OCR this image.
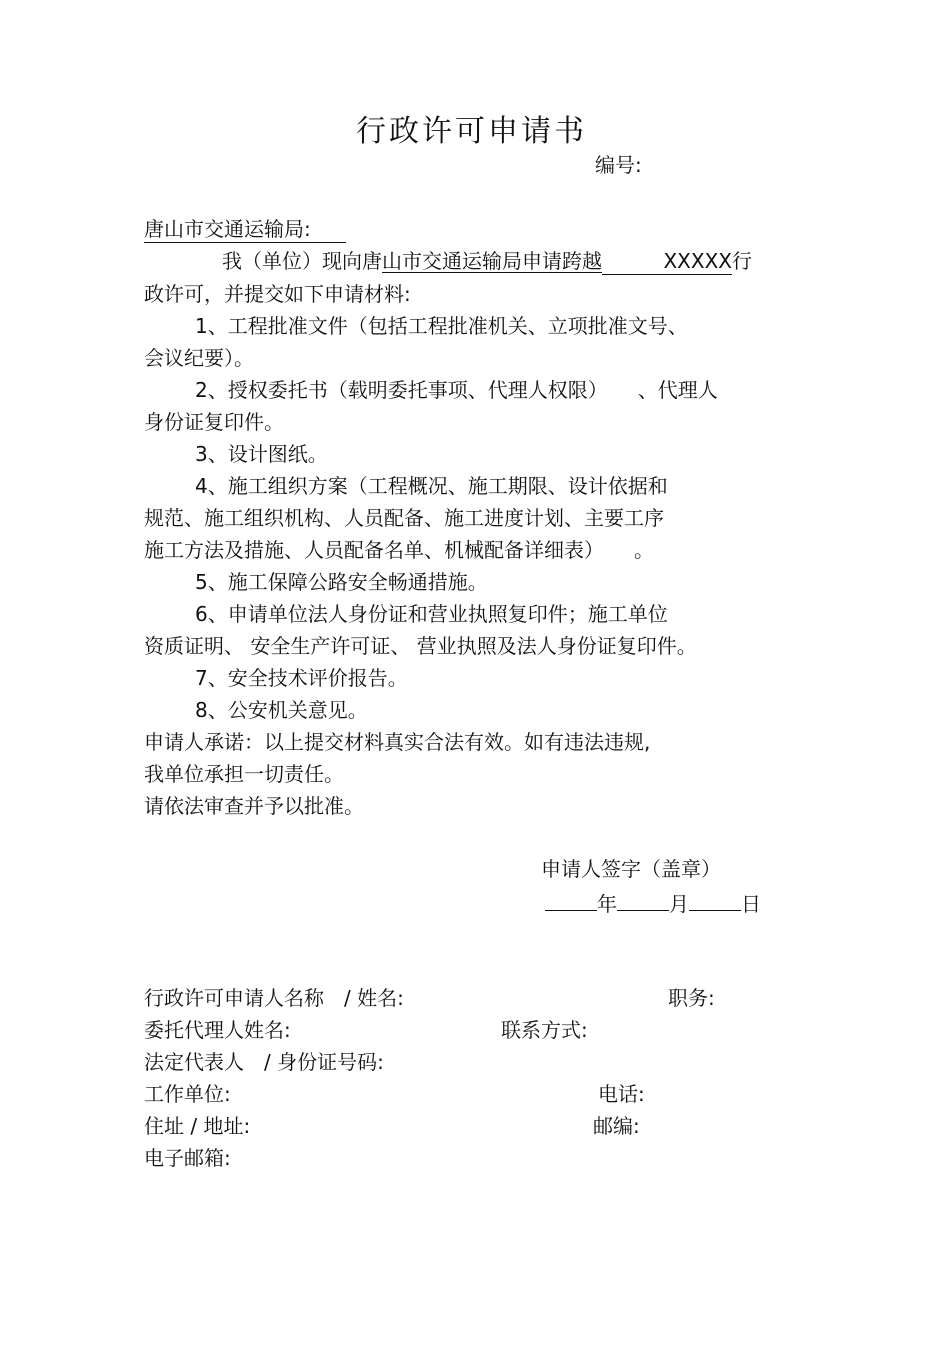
行政许可申请书
编号:
唐山市交通运输局:
我（单位）现向唐山市交通运输局申请跨越	XXXXX行
政许可，并提交如下申请材料:
1、工程批准文件（包括工程批准机关、立项批准文号、
会议纪要）。
2、授权委托书（载明委托事项、代理人权限）　　、代理人
身份证复印件。
3、设计图纸。
4、施工组织方案（工程概况、施工期限、设计依据和
规范、施工组织机构、人员配备、施工进度计划、主要工序
施工方法及措施、人员配备名单、机械配备详细表）　　。
5、施工保障公路安全畅通措施。
6、申请单位法人身份证和营业执照复印件；施工单位
资质证明、 安全生产许可证、 营业执照及法人身份证复印件。
7、安全技术评价报告。
8、公安机关意见。
申请人承诺：以上提交材料真实合法有效。如有违法违规,
我单位承担一切责任。
请依法审查并予以批准。
申请人签字（盖章）
年	月	日
行政许可申请人名称　/ 姓名:	职务:
委托代理人姓名:	联系方式:
法定代表人　/ 身份证号码:
工作单位:	电话:
住址 / 地址:	邮编:
电子邮箱:
